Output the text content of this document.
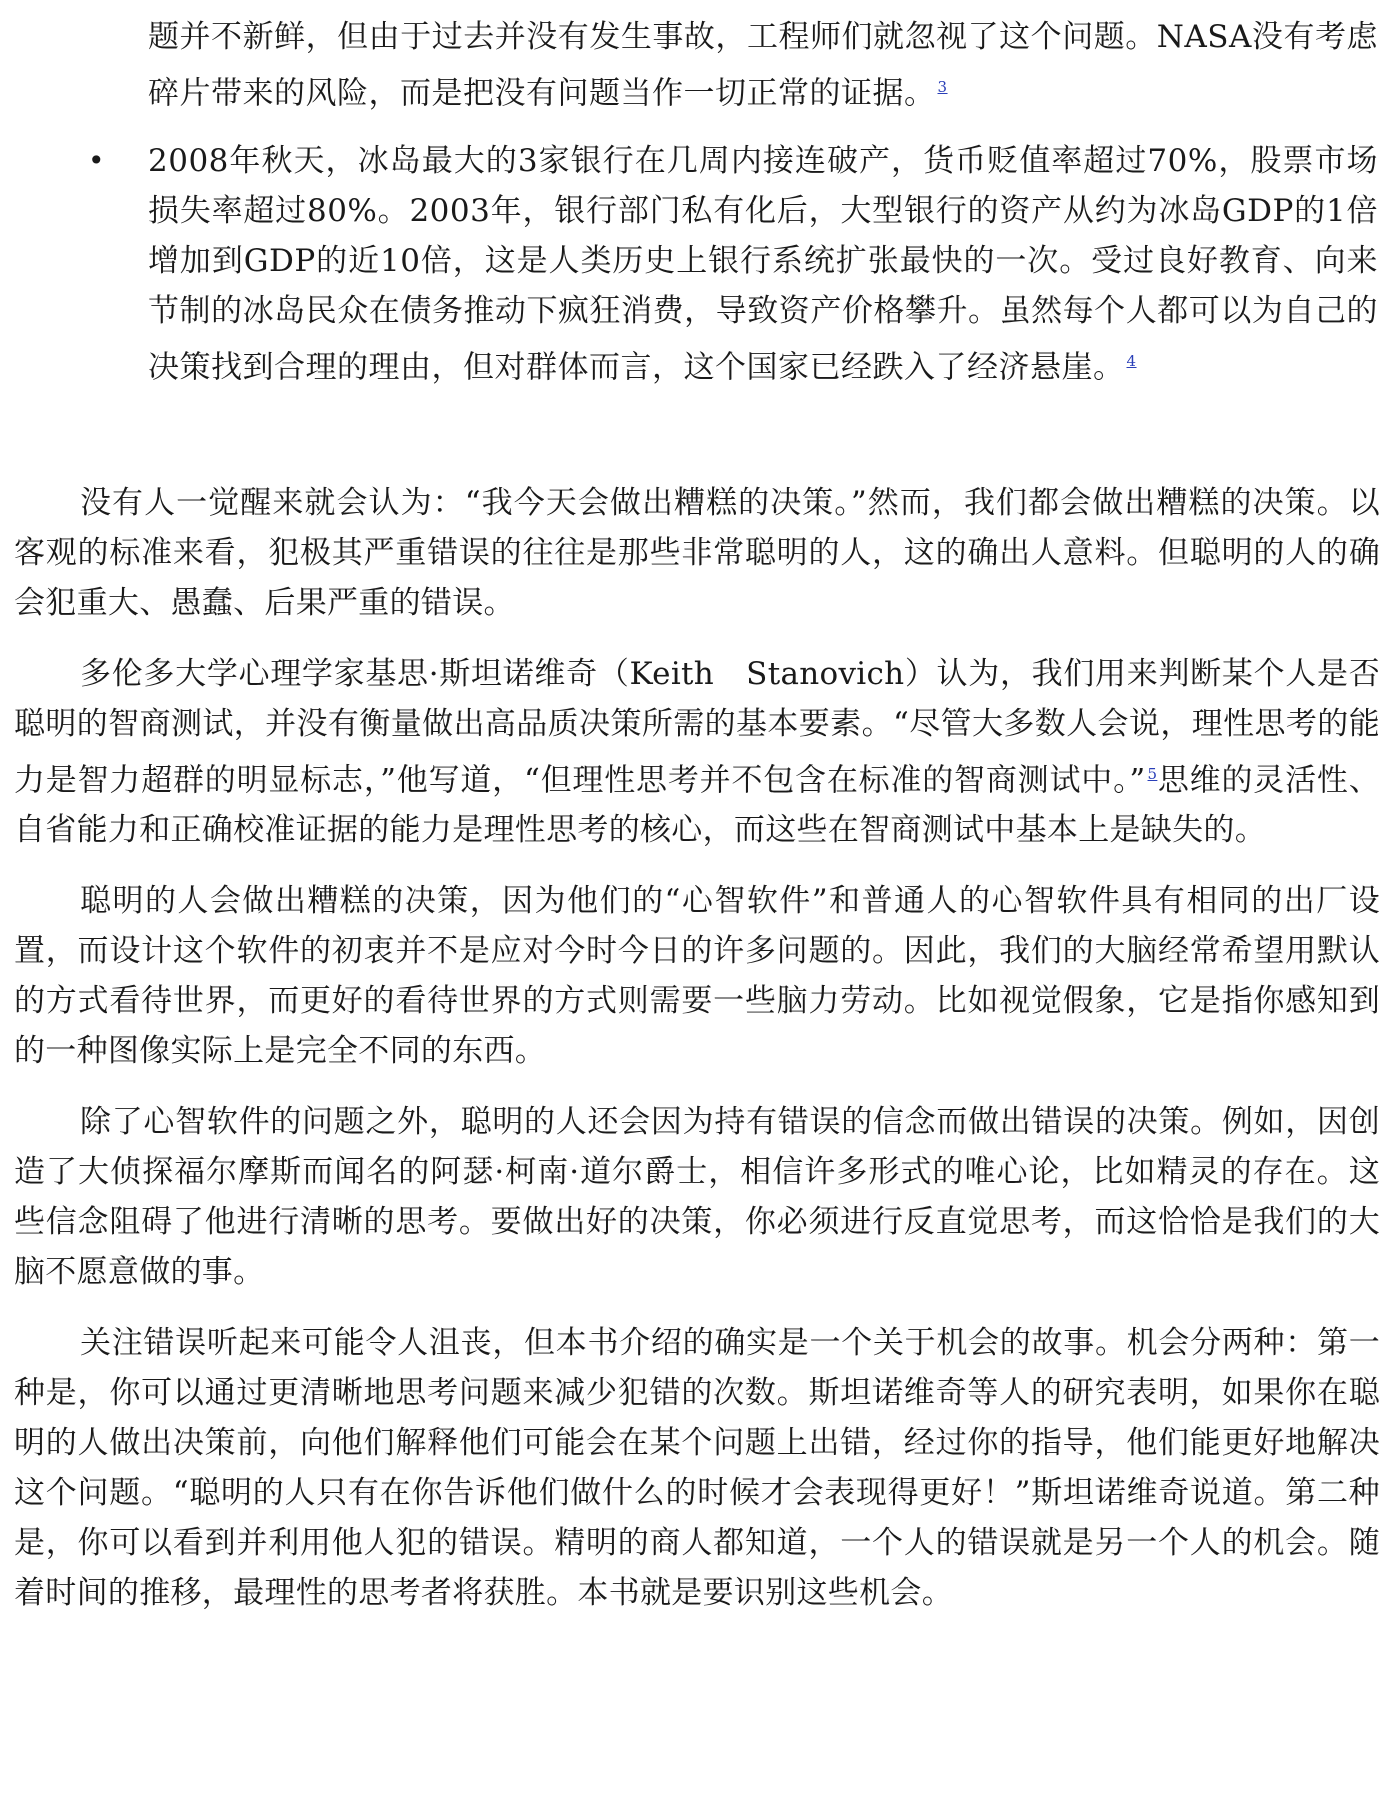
题并不新鲜，但由于过去并没有发生事故，工程师们就忽视了这个问题。NASA没有考虑碎片带来的风险，而是把没有问题当作一切正常的证据。 $^3$
• 2008年秋天，冰岛最大的3家银行在几周内接连破产，货币贬值率超过70%，股票市场损失率超过80%。2003年，银行部门私有化后，大型银行的资产从约为冰岛GDP的1倍增加到GDP的近10倍，这是人类历史上银行系统扩张最快的一次。受过良好教育、向来节制的冰岛民众在债务推动下疯狂消费，导致资产价格攀升。虽然每个人都可以为自己的决策找到合理的理由，但对群体而言，这个国家已经跌入了经济悬崖。 $^4$

没有人一觉醒来就会认为：“我今天会做出糟糕的决策。”然而，我们都会做出糟糕的决策。以客观的标准来看，犯极其严重错误的往往是那些非常聪明的人，这的确出人意料。但聪明的人的确会犯重大、愚蠢、后果严重的错误。

多伦多大学心理学家基思·斯坦诺维奇（Keith　Stanovich）认为，我们用来判断某个人是否聪明的智商测试，并没有衡量做出高品质决策所需的基本要素。“尽管大多数人会说，理性思考的能力是智力超群的明显标志，”他写道，“但理性思考并不包含在标准的智商测试中。” $^5$思维的灵活性、自省能力和正确校准证据的能力是理性思考的核心，而这些在智商测试中基本上是缺失的。

聪明的人会做出糟糕的决策，因为他们的“心智软件”和普通人的心智软件具有相同的出厂设置，而设计这个软件的初衷并不是应对今时今日的许多问题的。因此，我们的大脑经常希望用默认的方式看待世界，而更好的看待世界的方式则需要一些脑力劳动。比如视觉假象，它是指你感知到的一种图像实际上是完全不同的东西。

除了心智软件的问题之外，聪明的人还会因为持有错误的信念而做出错误的决策。例如，因创造了大侦探福尔摩斯而闻名的阿瑟·柯南·道尔爵士，相信许多形式的唯心论，比如精灵的存在。这些信念阻碍了他进行清晰的思考。要做出好的决策，你必须进行反直觉思考，而这恰恰是我们的大脑不愿意做的事。

关注错误听起来可能令人沮丧，但本书介绍的确实是一个关于机会的故事。机会分两种：第一种是，你可以通过更清晰地思考问题来减少犯错的次数。斯坦诺维奇等人的研究表明，如果你在聪明的人做出决策前，向他们解释他们可能会在某个问题上出错，经过你的指导，他们能更好地解决这个问题。“聪明的人只有在你告诉他们做什么的时候才会表现得更好！”斯坦诺维奇说道。第二种是，你可以看到并利用他人犯的错误。精明的商人都知道，一个人的错误就是另一个人的机会。随着时间的推移，最理性的思考者将获胜。本书就是要识别这些机会。
